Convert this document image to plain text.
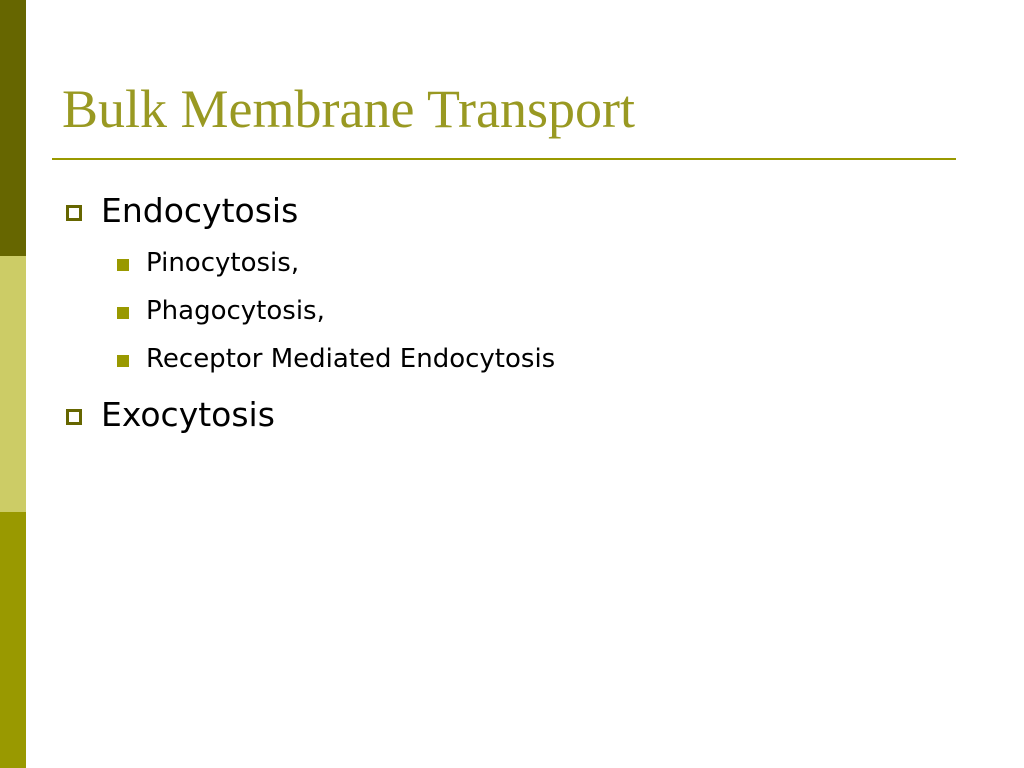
Bulk Membrane Transport
Endocytosis
Pinocytosis,
Phagocytosis,
Receptor Mediated Endocytosis
Exocytosis
